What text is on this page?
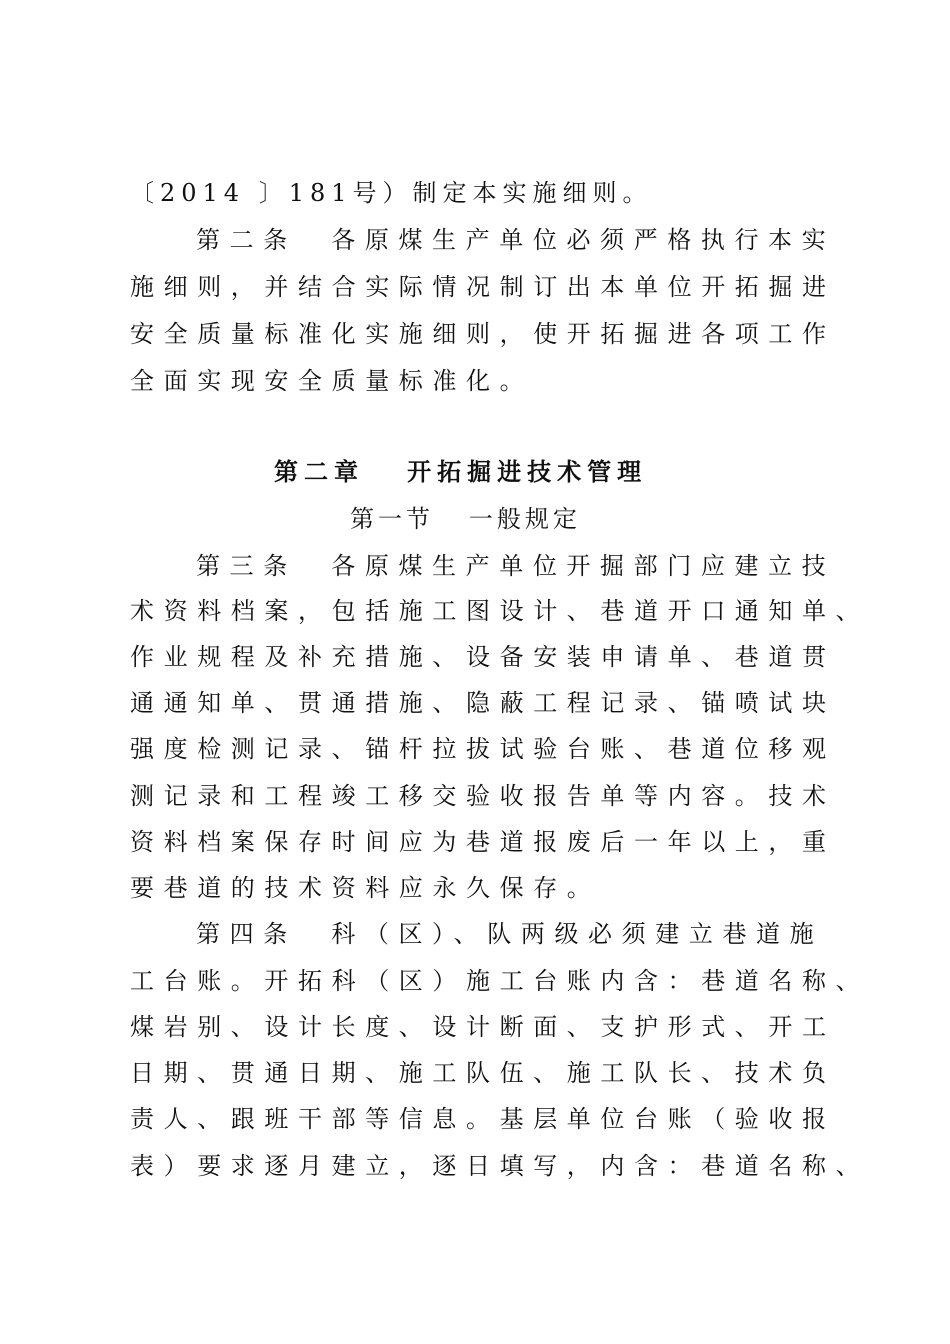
〔2014 〕181号）制定本实施细则。
第二条  各原煤生产单位必须严格执行本实
施细则，并结合实际情况制订出本单位开拓掘进
安全质量标准化实施细则，使开拓掘进各项工作
全面实现安全质量标准化。
第二章   开拓掘进技术管理
第一节   一般规定
第三条  各原煤生产单位开掘部门应建立技
术资料档案，包括施工图设计、巷道开口通知单、
作业规程及补充措施、设备安装申请单、巷道贯
通通知单、贯通措施、隐蔽工程记录、锚喷试块
强度检测记录、锚杆拉拔试验台账、巷道位移观
测记录和工程竣工移交验收报告单等内容。技术
资料档案保存时间应为巷道报废后一年以上，重
要巷道的技术资料应永久保存。
第四条  科（区）、队两级必须建立巷道施
工台账。开拓科（区）施工台账内含：巷道名称、
煤岩别、设计长度、设计断面、支护形式、开工
日期、贯通日期、施工队伍、施工队长、技术负
责人、跟班干部等信息。基层单位台账（验收报
表）要求逐月建立，逐日填写，内含：巷道名称、
